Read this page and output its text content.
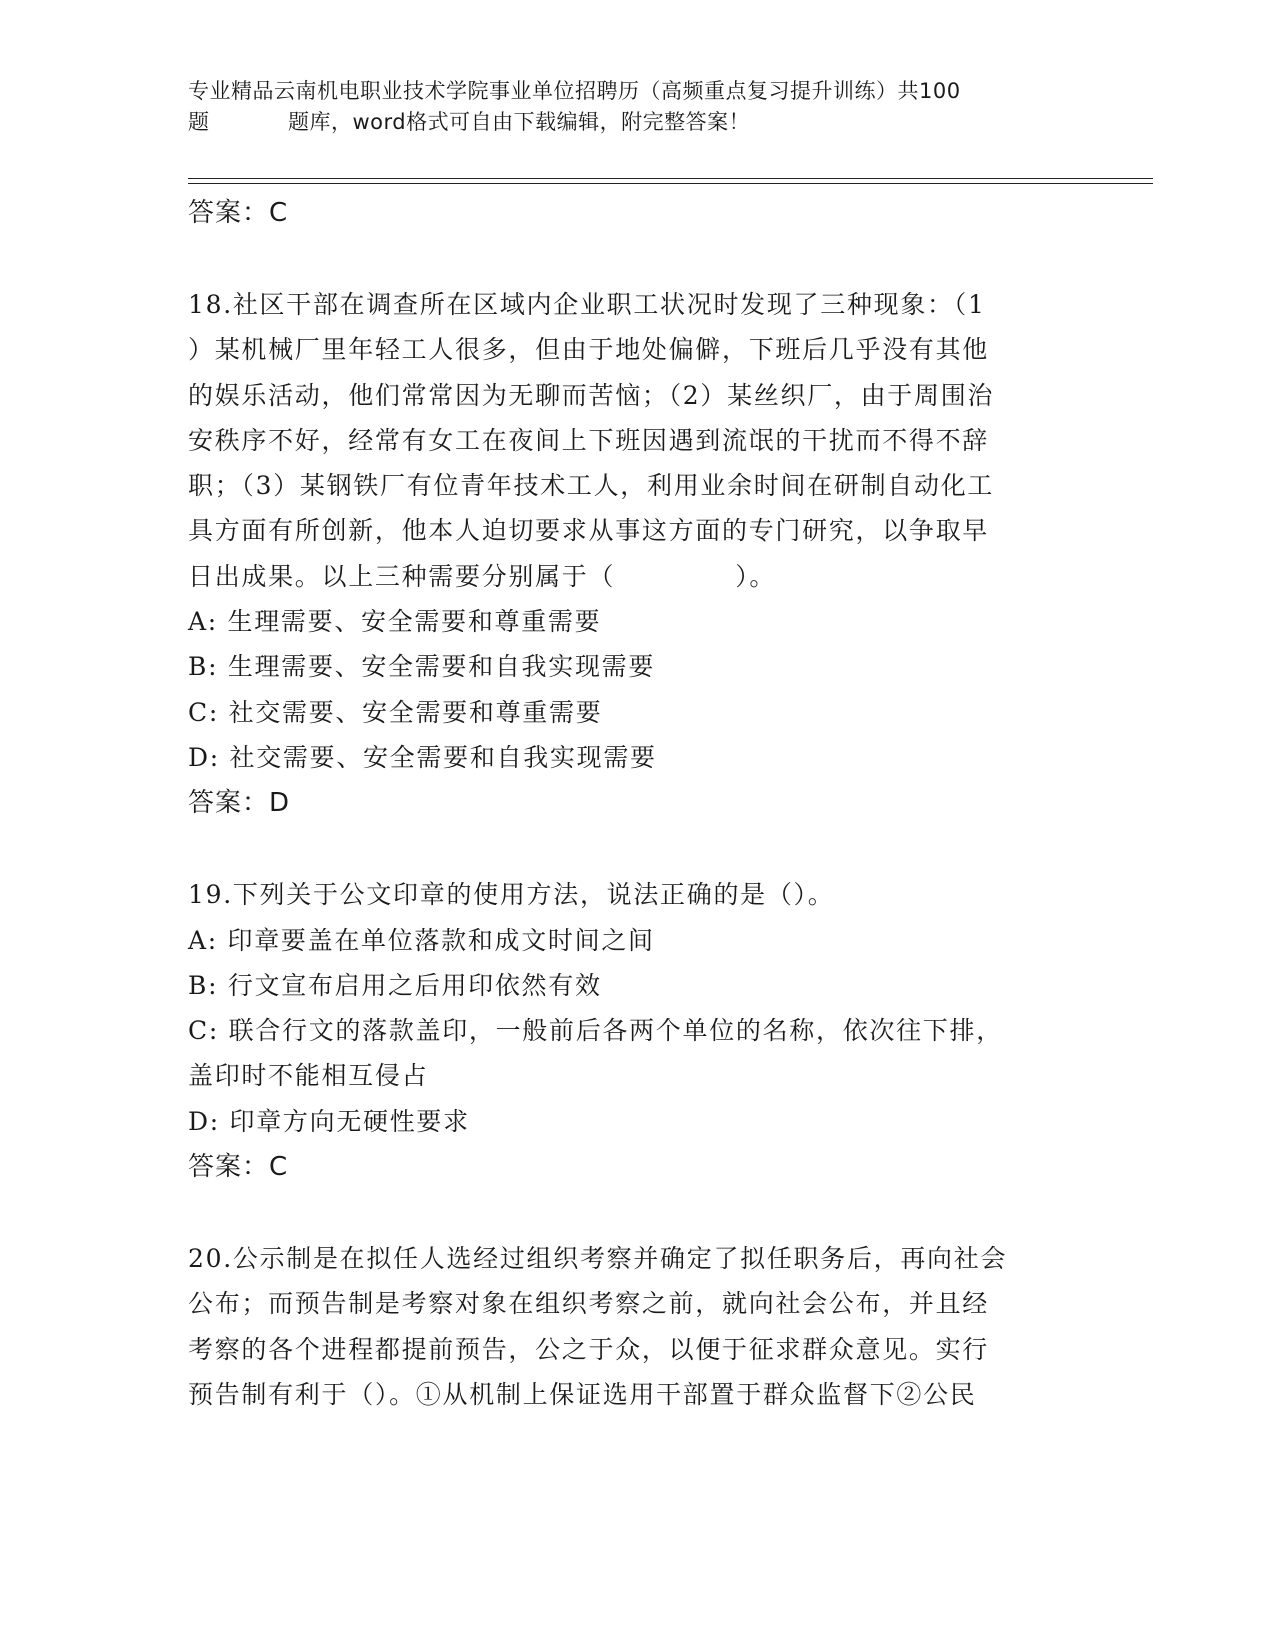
专业精品云南机电职业技术学院事业单位招聘历（高频重点复习提升训练）共100
题	题库，word格式可自由下载编辑，附完整答案！
答案：C
18.社区干部在调查所在区域内企业职工状况时发现了三种现象：（1
）某机械厂里年轻工人很多，但由于地处偏僻，下班后几乎没有其他
的娱乐活动，他们常常因为无聊而苦恼；（2）某丝织厂，由于周围治
安秩序不好，经常有女工在夜间上下班因遇到流氓的干扰而不得不辞
职；（3）某钢铁厂有位青年技术工人，利用业余时间在研制自动化工
具方面有所创新，他本人迫切要求从事这方面的专门研究，以争取早
日出成果。以上三种需要分别属于（	）。
A: 生理需要、安全需要和尊重需要
B: 生理需要、安全需要和自我实现需要
C: 社交需要、安全需要和尊重需要
D: 社交需要、安全需要和自我实现需要
答案：D
19.下列关于公文印章的使用方法，说法正确的是（）。
A: 印章要盖在单位落款和成文时间之间
B: 行文宣布启用之后用印依然有效
C: 联合行文的落款盖印，一般前后各两个单位的名称，依次往下排，
盖印时不能相互侵占
D: 印章方向无硬性要求
答案：C
20.公示制是在拟任人选经过组织考察并确定了拟任职务后，再向社会
公布；而预告制是考察对象在组织考察之前，就向社会公布，并且经
考察的各个进程都提前预告，公之于众，以便于征求群众意见。实行
预告制有利于（）。①从机制上保证选用干部置于群众监督下②公民
